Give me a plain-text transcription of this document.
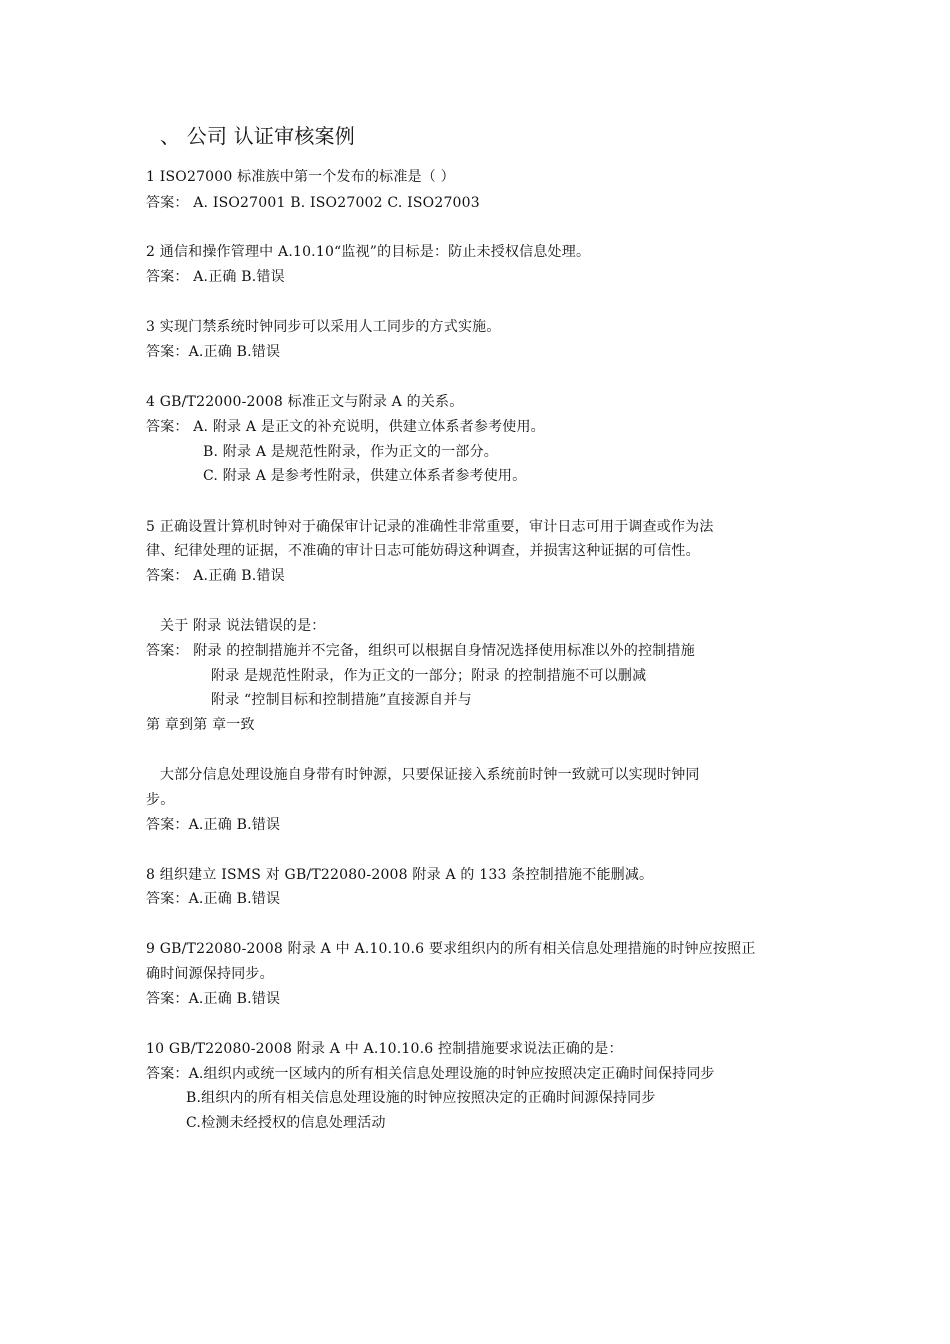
、 公司 认证审核案例
1 ISO27000 标准族中第一个发布的标准是（ ）
答案： A. ISO27001 B. ISO27002 C. ISO27003
2 通信和操作管理中 A.10.10“监视”的目标是：防止未授权信息处理。
答案： A.正确 B.错误
3 实现门禁系统时钟同步可以采用人工同步的方式实施。
答案：A.正确 B.错误
4 GB/T22000-2008 标准正文与附录 A 的关系。
答案： A. 附录 A 是正文的补充说明，供建立体系者参考使用。
B. 附录 A 是规范性附录，作为正文的一部分。
C. 附录 A 是参考性附录，供建立体系者参考使用。
5 正确设置计算机时钟对于确保审计记录的准确性非常重要，审计日志可用于调查或作为法
律、纪律处理的证据，不准确的审计日志可能妨碍这种调查，并损害这种证据的可信性。
答案： A.正确 B.错误
关于 附录 说法错误的是：
答案： 附录 的控制措施并不完备，组织可以根据自身情况选择使用标准以外的控制措施
附录 是规范性附录，作为正文的一部分；附录 的控制措施不可以删减
附录 “控制目标和控制措施”直接源自并与
第 章到第 章一致
大部分信息处理设施自身带有时钟源，只要保证接入系统前时钟一致就可以实现时钟同
步。
答案：A.正确 B.错误
8 组织建立 ISMS 对 GB/T22080-2008 附录 A 的 133 条控制措施不能删减。
答案：A.正确 B.错误
9 GB/T22080-2008 附录 A 中 A.10.10.6 要求组织内的所有相关信息处理措施的时钟应按照正
确时间源保持同步。
答案：A.正确 B.错误
10 GB/T22080-2008 附录 A 中 A.10.10.6 控制措施要求说法正确的是：
答案：A.组织内或统一区域内的所有相关信息处理设施的时钟应按照决定正确时间保持同步
B.组织内的所有相关信息处理设施的时钟应按照决定的正确时间源保持同步
C.检测未经授权的信息处理活动
